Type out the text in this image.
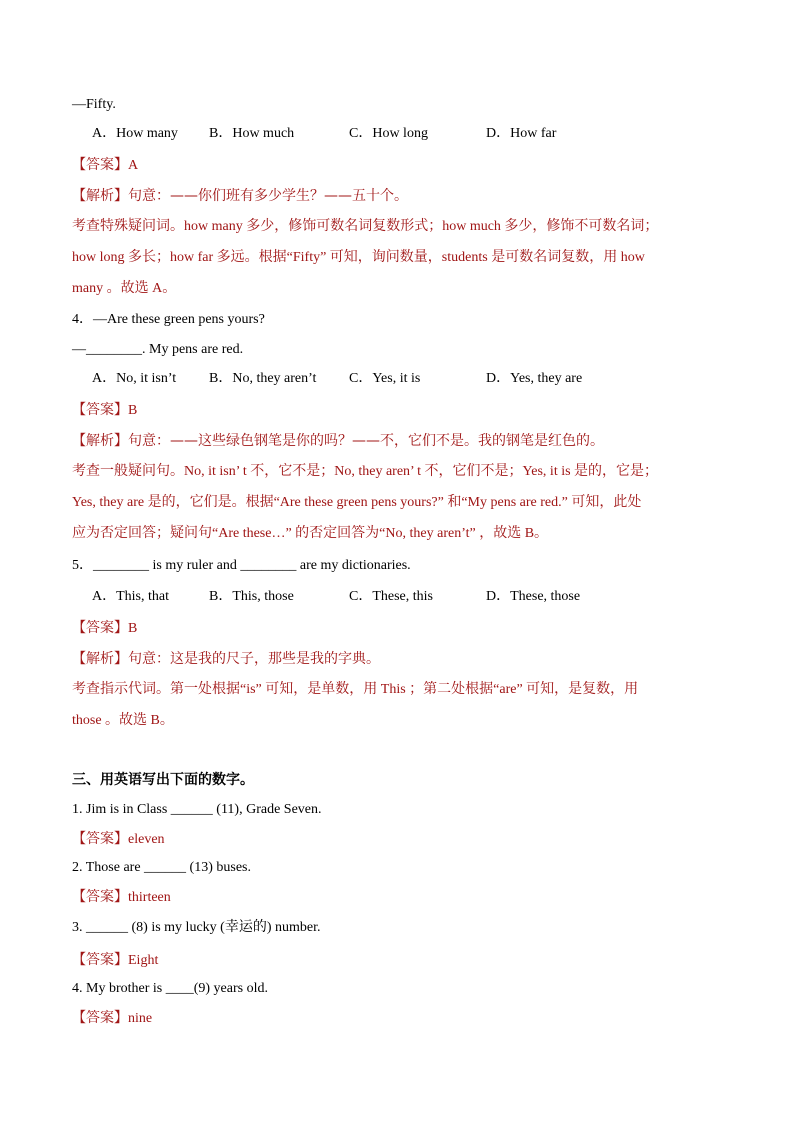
—Fifty.
A．How many B．How much	C．How long	D．How far
【答案】A
【解析】句意：——你们班有多少学生？——五十个。
考查特殊疑问词。how many 多少，修饰可数名词复数形式；how much 多少，修饰不可数名词；
how long 多长；how far 多远。根据“Fifty” 可知，询问数量，students 是可数名词复数，用 how
many 。故选 A。
4．—Are these green pens yours?
—________. My pens are red.
A．No, it isn’t B．No, they aren’t C．Yes, it is	D．Yes, they are
【答案】B
【解析】句意：——这些绿色钢笔是你的吗？——不，它们不是。我的钢笔是红色的。
考查一般疑问句。No, it isn’ t 不，它不是；No, they aren’ t 不，它们不是；Yes, it is 是的，它是；
Yes, they are 是的，它们是。根据“Are these green pens yours?” 和“My pens are red.” 可知，此处
应为否定回答；疑问句“Are these…” 的否定回答为“No, they aren’t” ，故选 B。
5．________ is my ruler and ________ are my dictionaries.
A．This, that	B．This, those	C．These, this	D．These, those
【答案】B
【解析】句意：这是我的尺子，那些是我的字典。
考查指示代词。第一处根据“is” 可知，是单数，用 This ；第二处根据“are” 可知，是复数，用
those 。故选 B。
三、用英语写出下面的数字。
1. Jim is in Class ______ (11), Grade Seven.
【答案】eleven
2. Those are ______ (13) buses.
【答案】thirteen
3. ______ (8) is my lucky (幸运的) number.
【答案】Eight
4. My brother is ____(9) years old.
【答案】nine
